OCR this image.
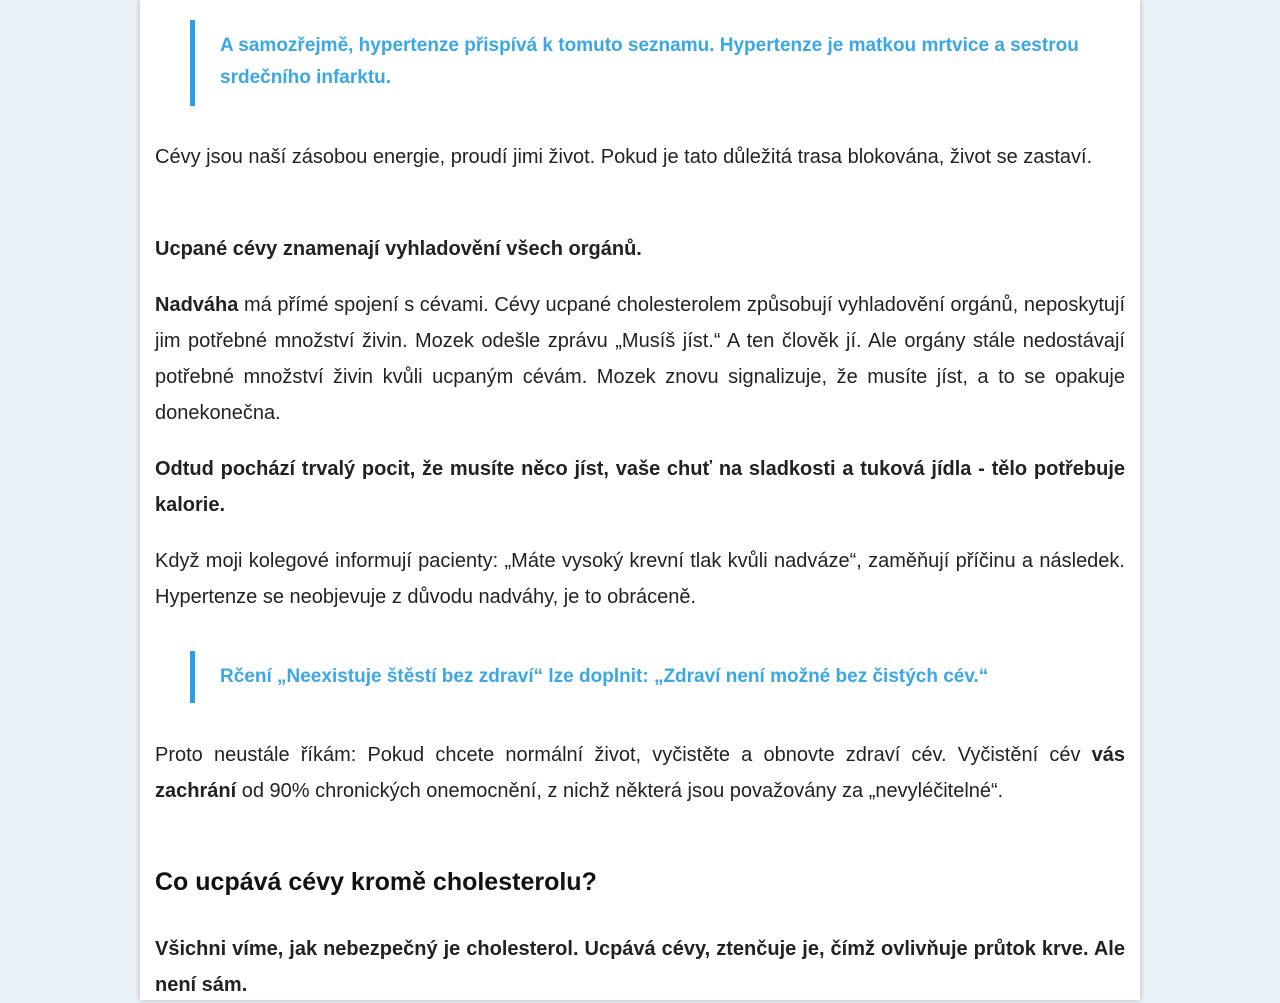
A samozřejmě, hypertenze přispívá k tomuto seznamu. Hypertenze je matkou mrtvice a sestrou srdečního infarktu.

Cévy jsou naší zásobou energie, proudí jimi život. Pokud je tato důležitá trasa blokována, život se zastaví.

Ucpané cévy znamenají vyhladovění všech orgánů.

Nadváha má přímé spojení s cévami. Cévy ucpané cholesterolem způsobují vyhladovění orgánů, neposkytují jim potřebné množství živin. Mozek odešle zprávu „Musíš jíst.“ A ten člověk jí. Ale orgány stále nedostávají potřebné množství živin kvůli ucpaným cévám. Mozek znovu signalizuje, že musíte jíst, a to se opakuje donekonečna.

Odtud pochází trvalý pocit, že musíte něco jíst, vaše chuť na sladkosti a tuková jídla - tělo potřebuje kalorie.

Když moji kolegové informují pacienty: „Máte vysoký krevní tlak kvůli nadváze“, zaměňují příčinu a následek. Hypertenze se neobjevuje z důvodu nadváhy, je to obráceně.

Rčení „Neexistuje štěstí bez zdraví“ lze doplnit: „Zdraví není možné bez čistých cév.“

Proto neustále říkám: Pokud chcete normální život, vyčistěte a obnovte zdraví cév. Vyčistění cév vás zachrání od 90% chronických onemocnění, z nichž některá jsou považovány za „nevyléčitelné“.

Co ucpává cévy kromě cholesterolu?

Všichni víme, jak nebezpečný je cholesterol. Ucpává cévy, ztenčuje je, čímž ovlivňuje průtok krve. Ale není sám.
